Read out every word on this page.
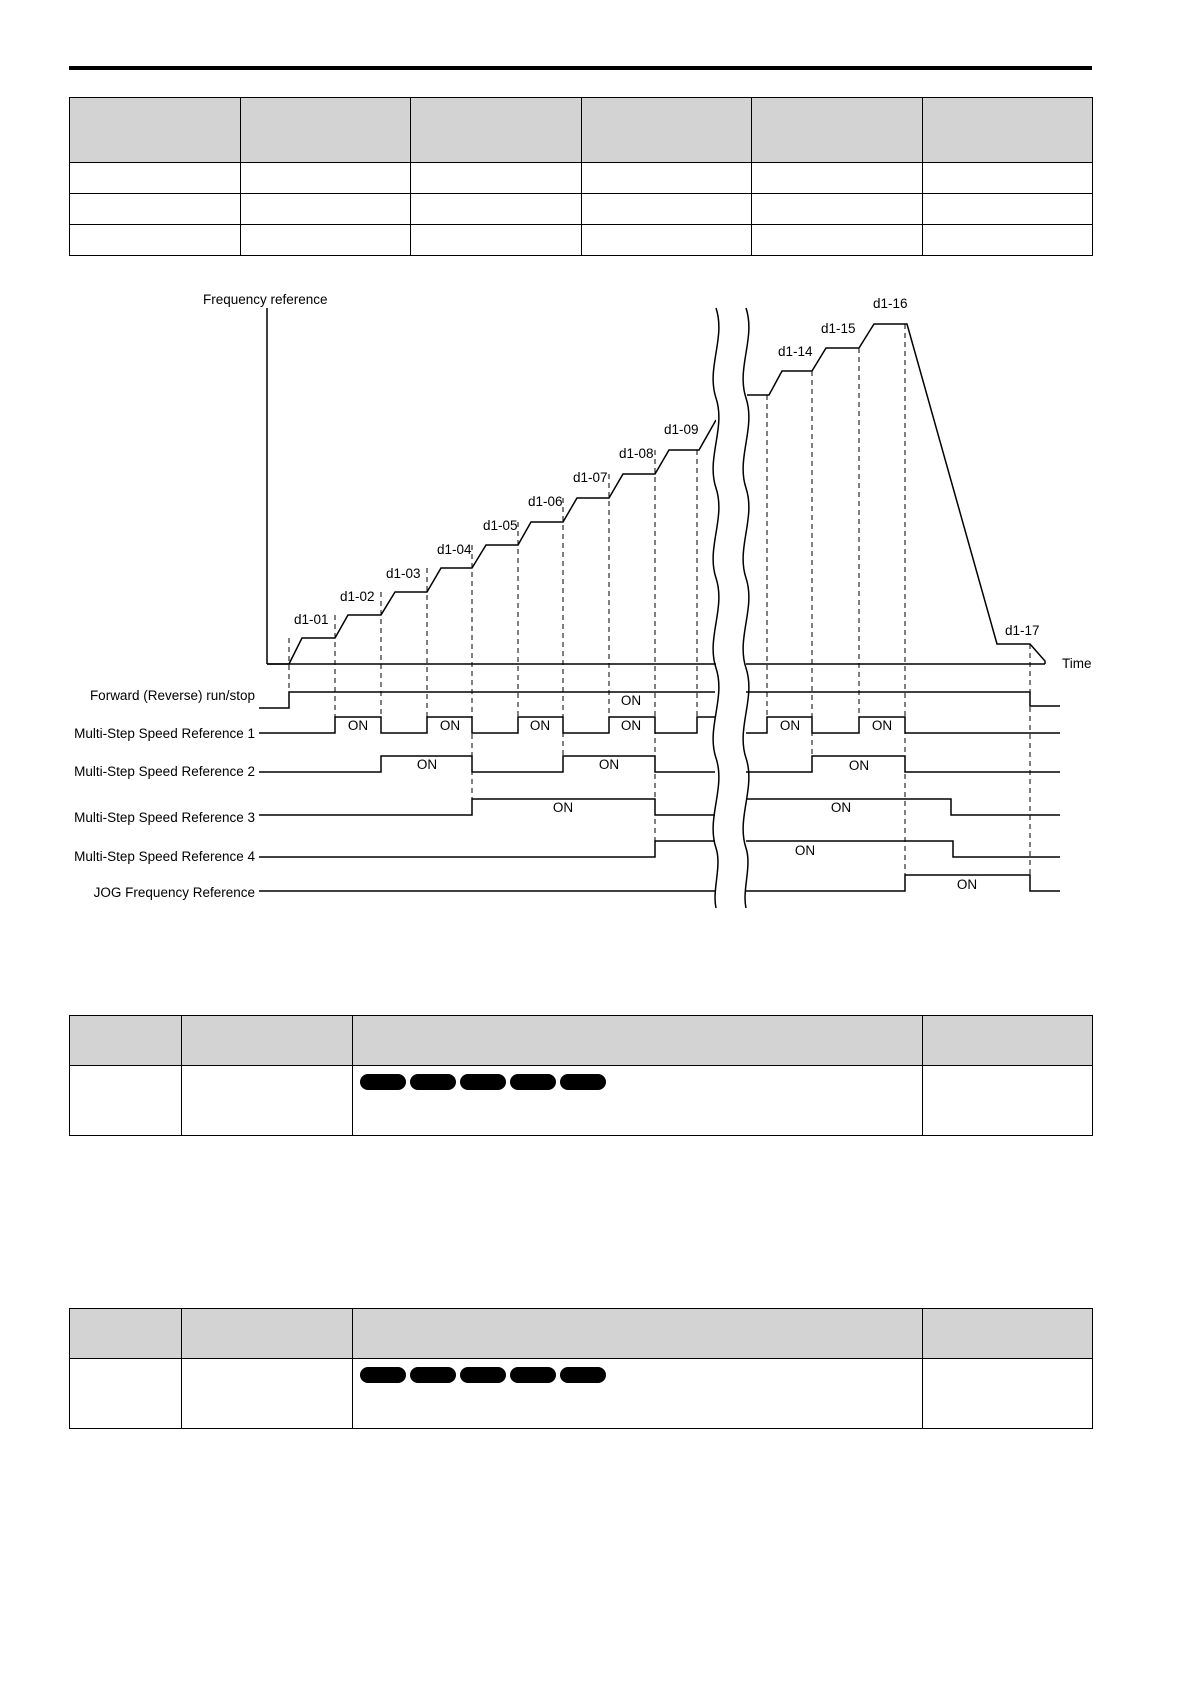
Frequency reference
Time
d1-01
d1-02
d1-03
d1-04
d1-05
d1-06
d1-07
d1-08
d1-09
d1-14
d1-15
d1-16
d1-17
Forward (Reverse) run/stop
Multi-Step Speed Reference 1
Multi-Step Speed Reference 2
Multi-Step Speed Reference 3
Multi-Step Speed Reference 4
JOG Frequency Reference
ON
ON	ON	ON	ON	ON	ON
ON	ON	ON
ON	ON
ON
ON
